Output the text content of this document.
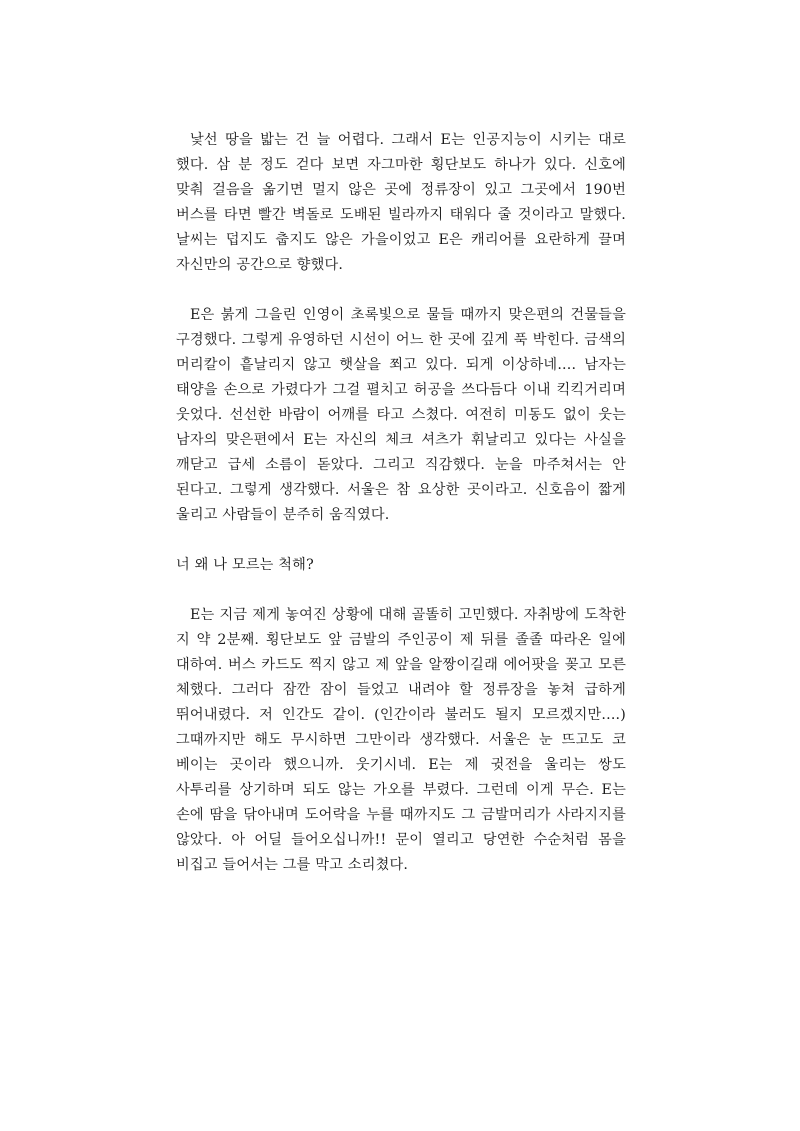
낯선 땅을 밟는 건 늘 어렵다. 그래서 E는 인공지능이 시키는 대로 했다. 삼 분 정도 걷다 보면 자그마한 횡단보도 하나가 있다. 신호에 맞춰 걸음을 옮기면 멀지 않은 곳에 정류장이 있고 그곳에서 190번 버스를 타면 빨간 벽돌로 도배된 빌라까지 태워다 줄 것이라고 말했다. 날씨는 덥지도 춥지도 않은 가을이었고 E은 캐리어를 요란하게 끌며 자신만의 공간으로 향했다.

E은 붉게 그을린 인영이 초록빛으로 물들 때까지 맞은편의 건물들을 구경했다. 그렇게 유영하던 시선이 어느 한 곳에 깊게 푹 박힌다. 금색의 머리칼이 흩날리지 않고 햇살을 쬐고 있다. 되게 이상하네.... 남자는 태양을 손으로 가렸다가 그걸 펼치고 허공을 쓰다듬다 이내 킥킥거리며 웃었다. 선선한 바람이 어깨를 타고 스쳤다. 여전히 미동도 없이 웃는 남자의 맞은편에서 E는 자신의 체크 셔츠가 휘날리고 있다는 사실을 깨닫고 급세 소름이 돋았다. 그리고 직감했다. 눈을 마주쳐서는 안 된다고. 그렇게 생각했다. 서울은 참 요상한 곳이라고. 신호음이 짧게 울리고 사람들이 분주히 움직였다.

너 왜 나 모르는 척해?

E는 지금 제게 놓여진 상황에 대해 골똘히 고민했다. 자취방에 도착한 지 약 2분째. 횡단보도 앞 금발의 주인공이 제 뒤를 졸졸 따라온 일에 대하여. 버스 카드도 찍지 않고 제 앞을 알짱이길래 에어팟을 꽂고 모른 체했다. 그러다 잠깐 잠이 들었고 내려야 할 정류장을 놓쳐 급하게 뛰어내렸다. 저 인간도 같이. (인간이라 불러도 될지 모르겠지만....) 그때까지만 해도 무시하면 그만이라 생각했다. 서울은 눈 뜨고도 코 베이는 곳이라 했으니까. 웃기시네. E는 제 귓전을 울리는 쌍도 사투리를 상기하며 되도 않는 가오를 부렸다. 그런데 이게 무슨. E는 손에 땀을 닦아내며 도어락을 누를 때까지도 그 금발머리가 사라지지를 않았다. 아 어딜 들어오십니까!! 문이 열리고 당연한 수순처럼 몸을 비집고 들어서는 그를 막고 소리쳤다.
